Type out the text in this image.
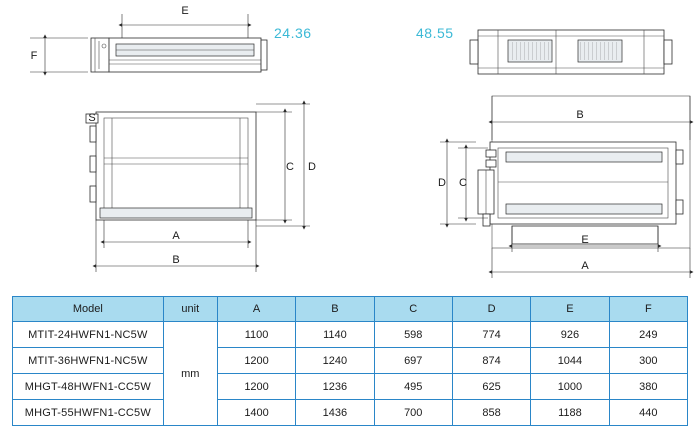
E
F
24.36	48.55
S
C D
A
B
B
D C
E
A
Model	unit	A	B	C	D	E	F
MTIT-24HWFN1-NC5W	mm	1100	1140	598	774	926	249
MTIT-36HWFN1-NC5W		1200	1240	697	874	1044	300
MHGT-48HWFN1-CC5W		1200	1236	495	625	1000	380
MHGT-55HWFN1-CC5W		1400	1436	700	858	1188	440
